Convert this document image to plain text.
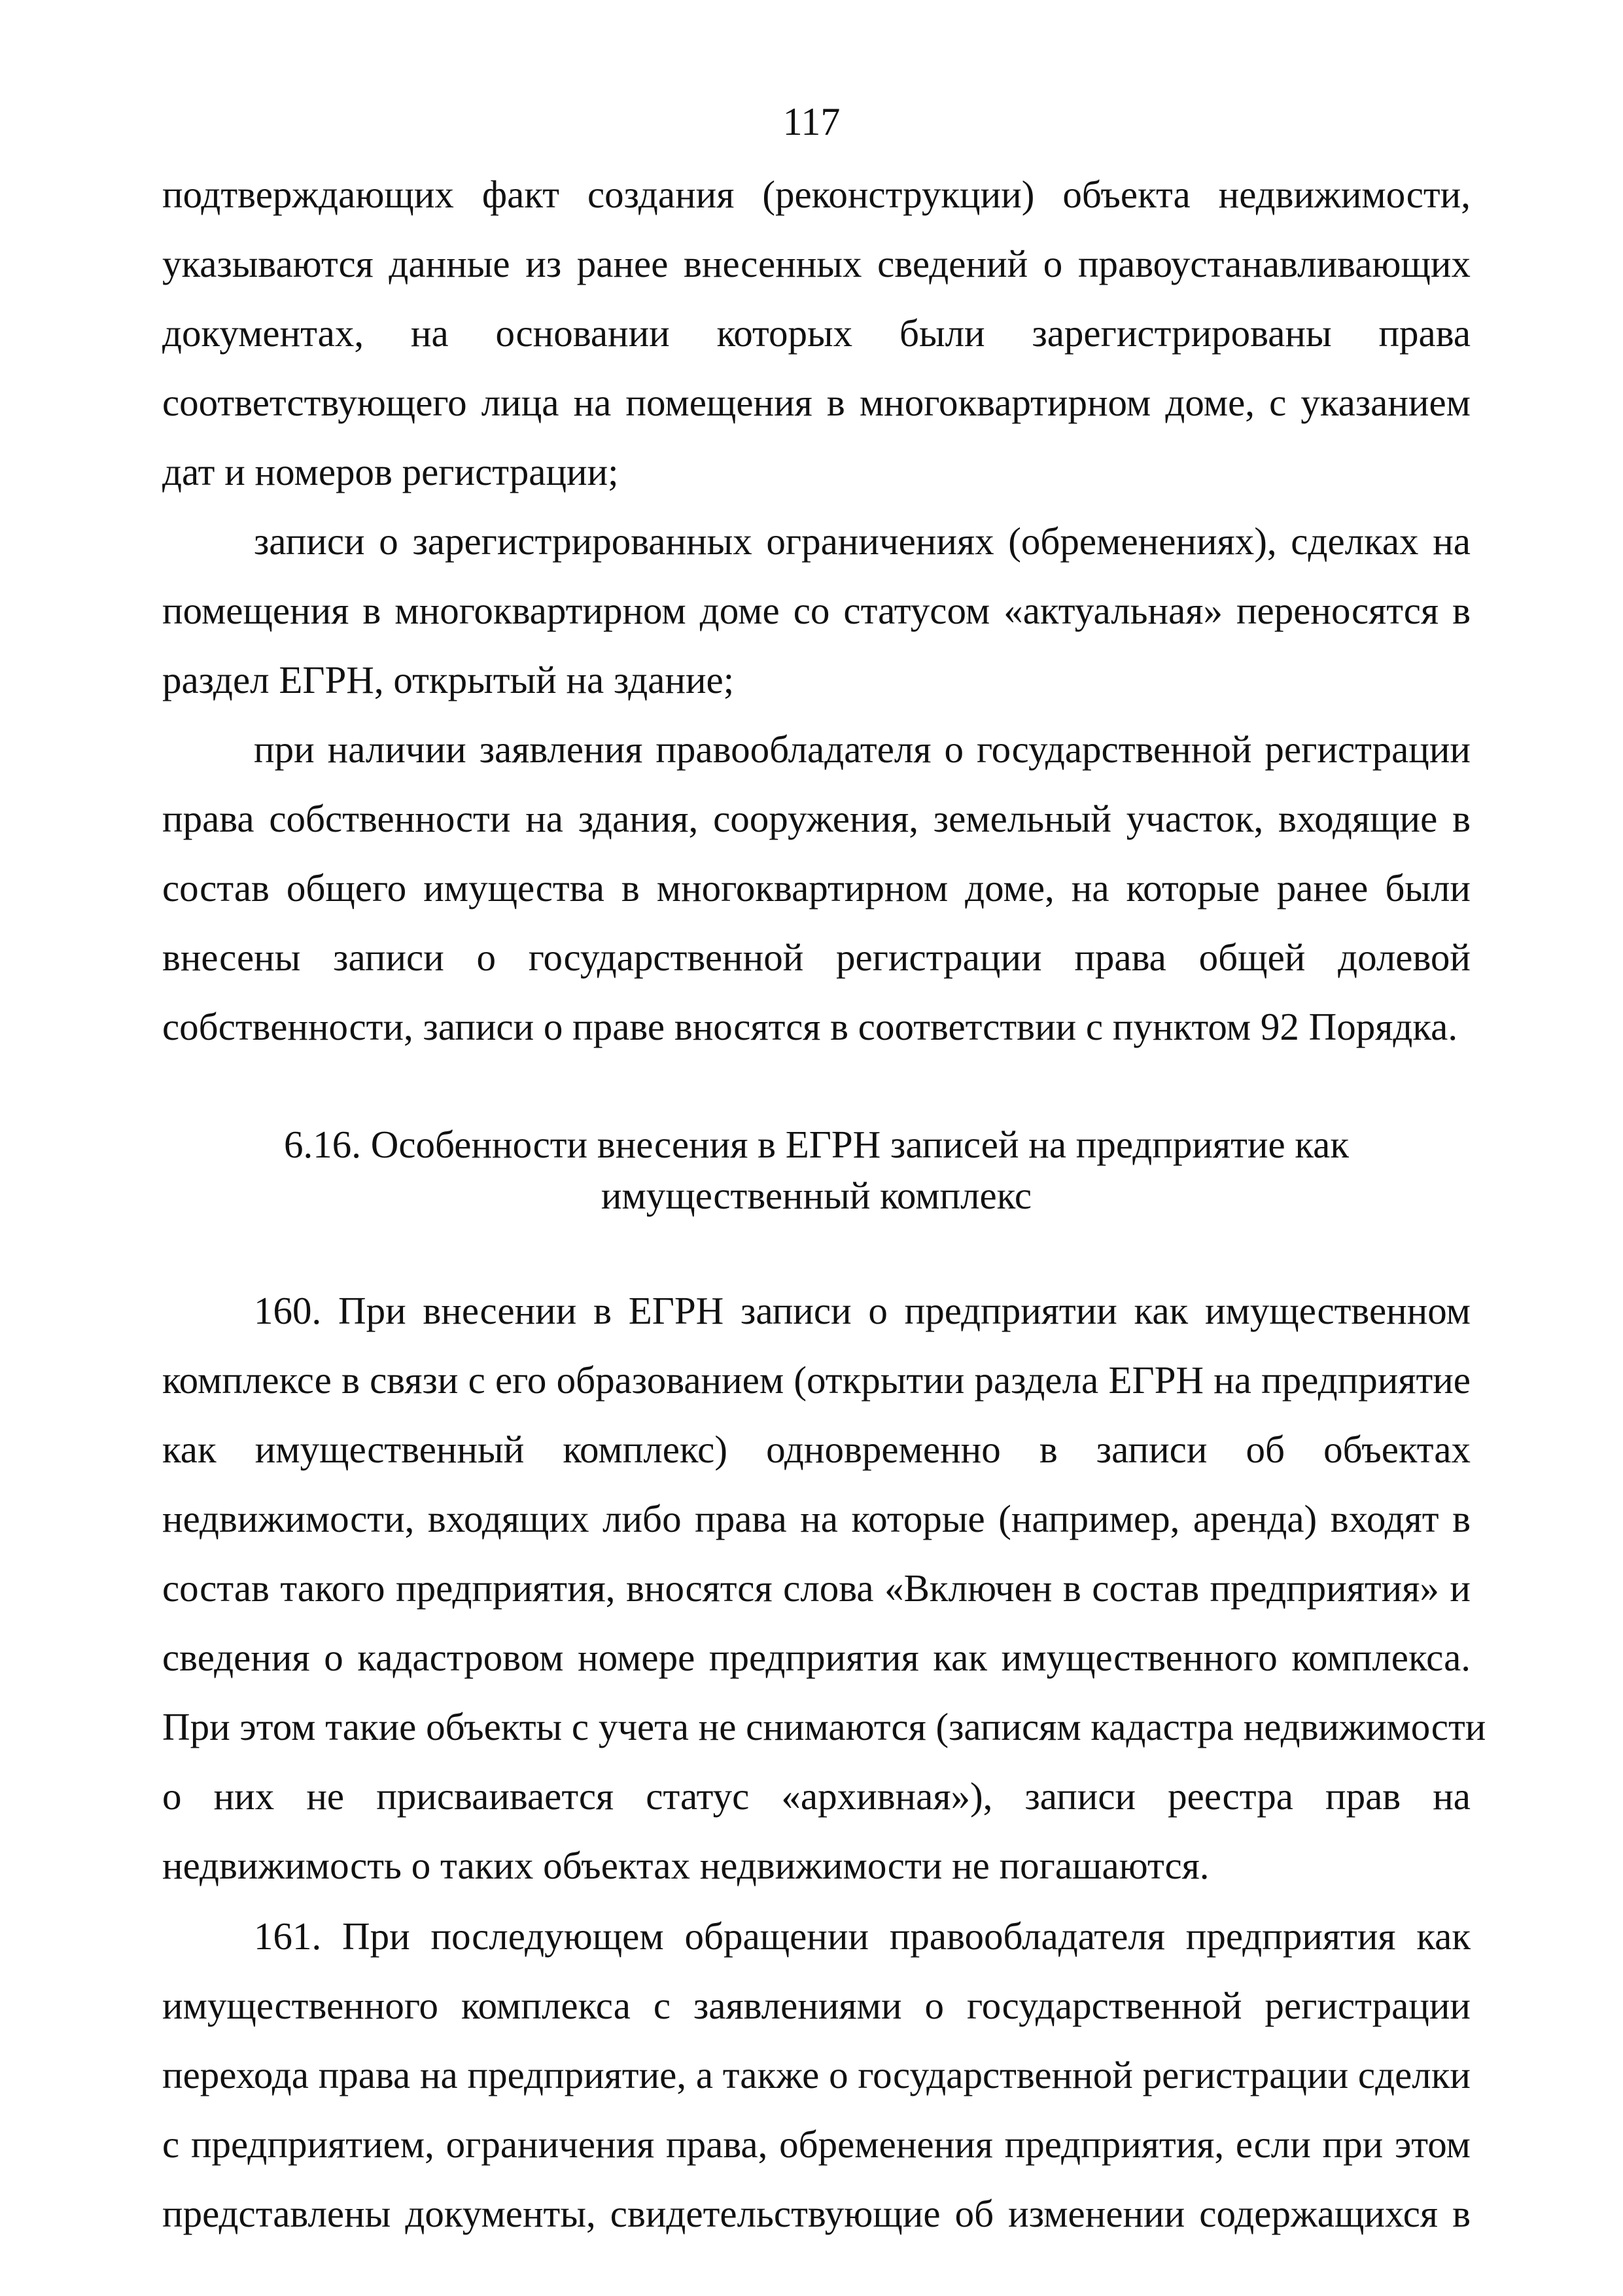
117
подтверждающих факт создания (реконструкции) объекта недвижимости,
указываются данные из ранее внесенных сведений о правоустанавливающих
документах, на основании которых были зарегистрированы права
соответствующего лица на помещения в многоквартирном доме, с указанием
дат и номеров регистрации;
записи о зарегистрированных ограничениях (обременениях), сделках на
помещения в многоквартирном доме со статусом «актуальная» переносятся в
раздел ЕГРН, открытый на здание;
при наличии заявления правообладателя о государственной регистрации
права собственности на здания, сооружения, земельный участок, входящие в
состав общего имущества в многоквартирном доме, на которые ранее были
внесены записи о государственной регистрации права общей долевой
собственности, записи о праве вносятся в соответствии с пунктом 92 Порядка.
6.16. Особенности внесения в ЕГРН записей на предприятие как
имущественный комплекс
160. При внесении в ЕГРН записи о предприятии как имущественном
комплексе в связи с его образованием (открытии раздела ЕГРН на предприятие
как имущественный комплекс) одновременно в записи об объектах
недвижимости, входящих либо права на которые (например, аренда) входят в
состав такого предприятия, вносятся слова «Включен в состав предприятия» и
сведения о кадастровом номере предприятия как имущественного комплекса.
При этом такие объекты с учета не снимаются (записям кадастра недвижимости
о них не присваивается статус «архивная»), записи реестра прав на
недвижимость о таких объектах недвижимости не погашаются.
161. При последующем обращении правообладателя предприятия как
имущественного комплекса с заявлениями о государственной регистрации
перехода права на предприятие, а также о государственной регистрации сделки
с предприятием, ограничения права, обременения предприятия, если при этом
представлены документы, свидетельствующие об изменении содержащихся в
